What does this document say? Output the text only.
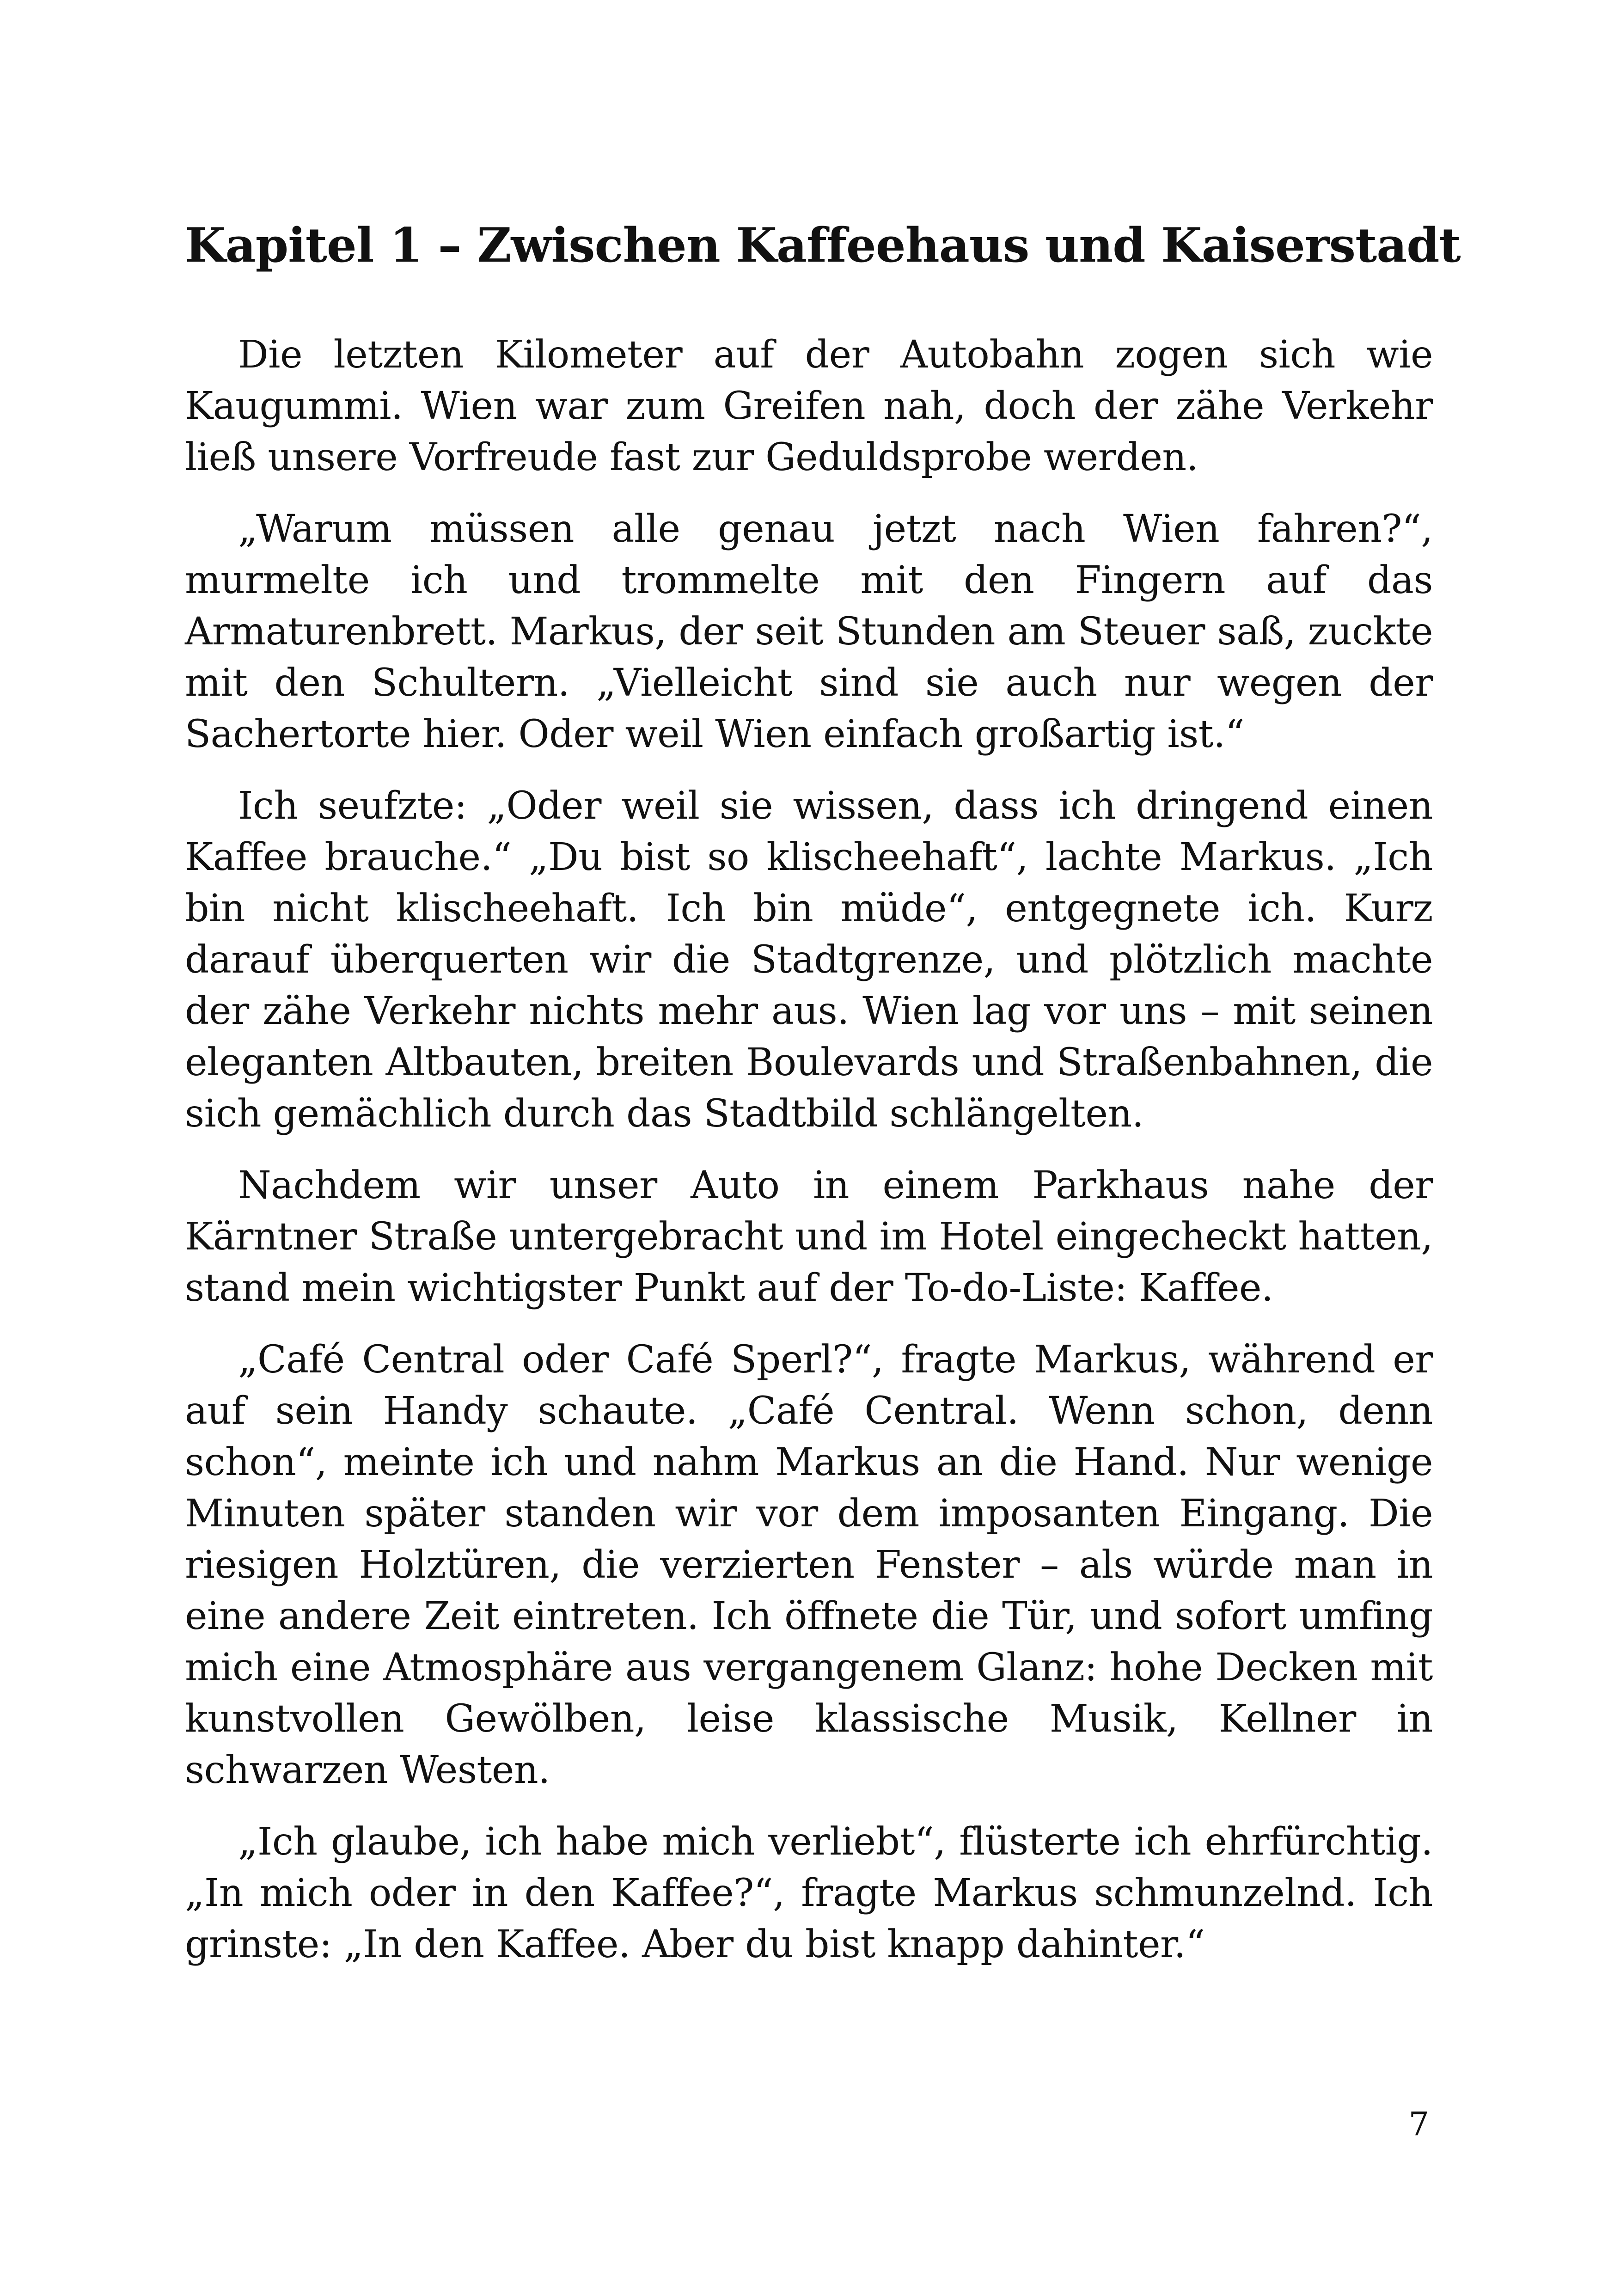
Kapitel 1 – Zwischen Kaffeehaus und Kaiserstadt

Die letzten Kilometer auf der Autobahn zogen sich wie Kaugummi. Wien war zum Greifen nah, doch der zähe Verkehr ließ unsere Vorfreude fast zur Geduldsprobe werden.

„Warum müssen alle genau jetzt nach Wien fahren?“, murmelte ich und trommelte mit den Fingern auf das Armaturenbrett. Markus, der seit Stunden am Steuer saß, zuckte mit den Schultern. „Vielleicht sind sie auch nur wegen der Sachertorte hier. Oder weil Wien einfach großartig ist.“

Ich seufzte: „Oder weil sie wissen, dass ich dringend einen Kaffee brauche.“ „Du bist so klischeehaft“, lachte Markus. „Ich bin nicht klischeehaft. Ich bin müde“, entgegnete ich. Kurz darauf überquerten wir die Stadtgrenze, und plötzlich machte der zähe Verkehr nichts mehr aus. Wien lag vor uns – mit seinen eleganten Altbauten, breiten Boulevards und Straßenbahnen, die sich gemächlich durch das Stadtbild schlängelten.

Nachdem wir unser Auto in einem Parkhaus nahe der Kärntner Straße untergebracht und im Hotel eingecheckt hatten, stand mein wichtigster Punkt auf der To-do-Liste: Kaffee.

„Café Central oder Café Sperl?“, fragte Markus, während er auf sein Handy schaute. „Café Central. Wenn schon, denn schon“, meinte ich und nahm Markus an die Hand. Nur wenige Minuten später standen wir vor dem imposanten Eingang. Die riesigen Holztüren, die verzierten Fenster – als würde man in eine andere Zeit eintreten. Ich öffnete die Tür, und sofort umfing mich eine Atmosphäre aus vergangenem Glanz: hohe Decken mit kunstvollen Gewölben, leise klassische Musik, Kellner in schwarzen Westen.

„Ich glaube, ich habe mich verliebt“, flüsterte ich ehrfürchtig. „In mich oder in den Kaffee?“, fragte Markus schmunzelnd. Ich grinste: „In den Kaffee. Aber du bist knapp dahinter.“

7
